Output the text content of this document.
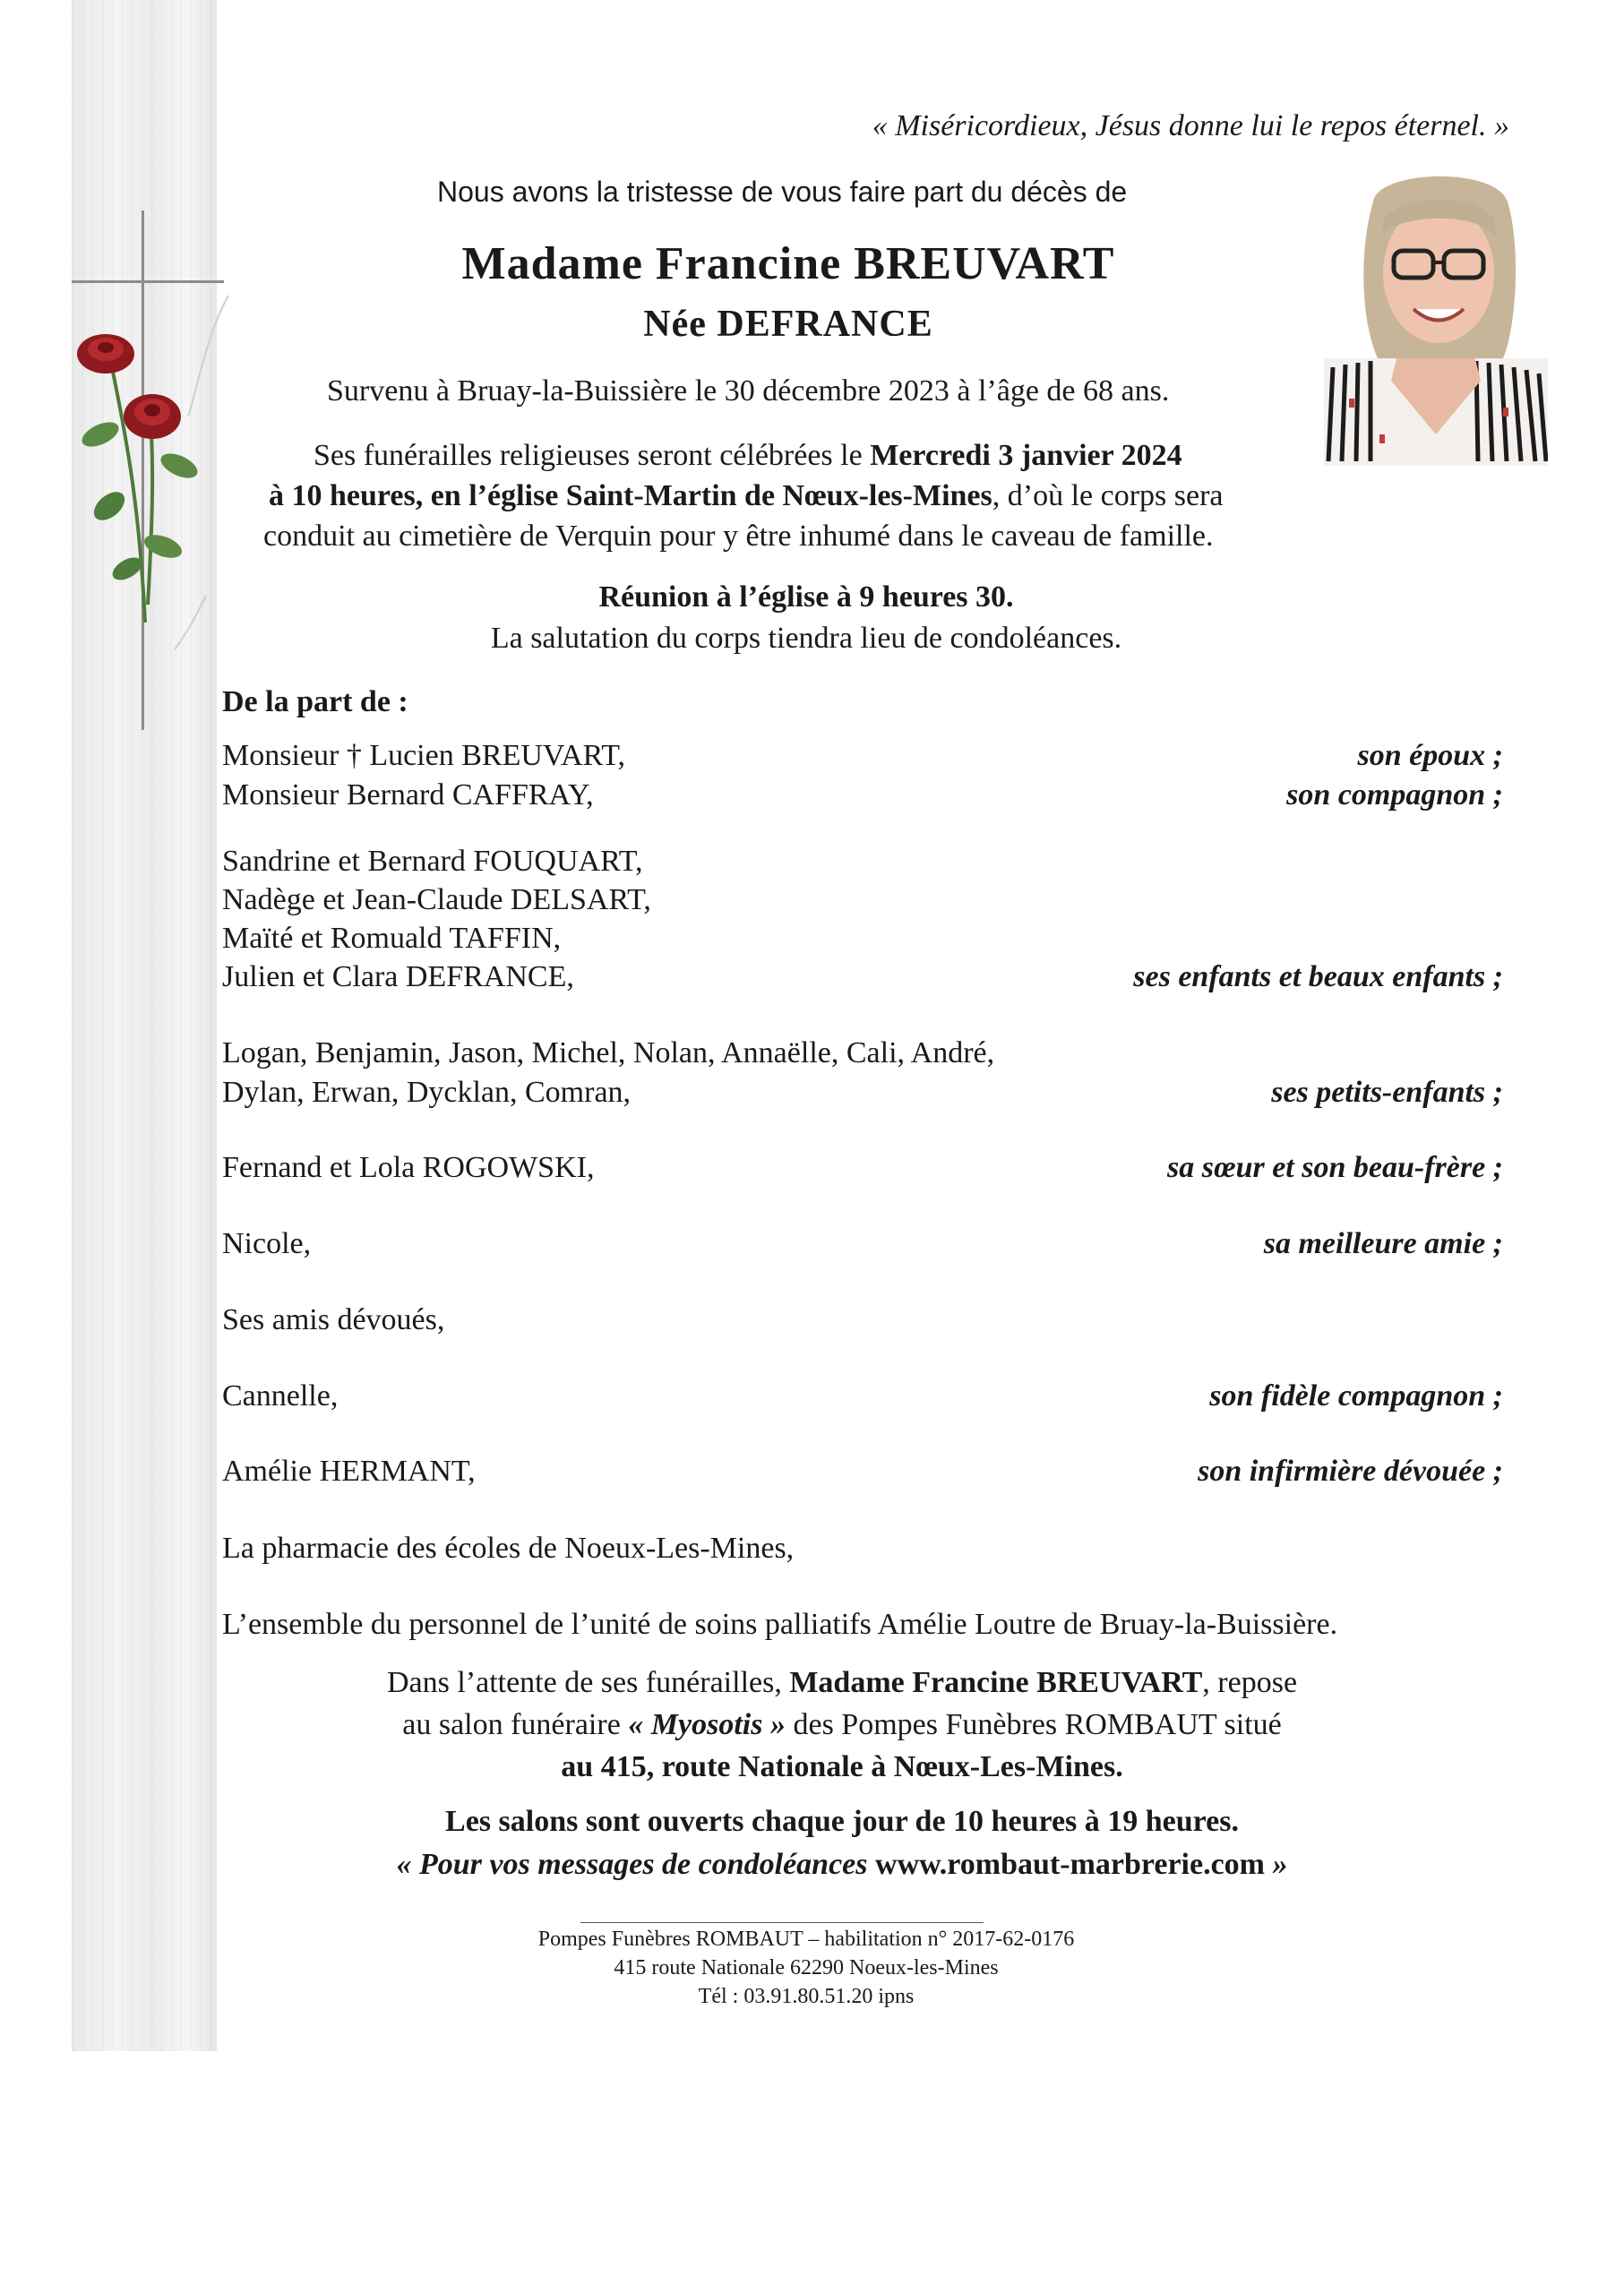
« Miséricordieux, Jésus donne lui le repos éternel. »
Nous avons la tristesse de vous faire part du décès de
Madame Francine BREUVART
Née DEFRANCE
Survenu à Bruay-la-Buissière le 30 décembre 2023 à l’âge de 68 ans.
Ses funérailles religieuses seront célébrées le Mercredi 3 janvier 2024
à 10 heures, en l’église Saint-Martin de Nœux-les-Mines, d’où le corps sera
conduit au cimetière de Verquin pour y être inhumé dans le caveau de famille.
Réunion à l’église à 9 heures 30.
La salutation du corps tiendra lieu de condoléances.
De la part de :
Monsieur † Lucien BREUVART,	son époux ;
Monsieur Bernard CAFFRAY,	son compagnon ;
Sandrine et Bernard FOUQUART,
Nadège et Jean-Claude DELSART,
Maïté et Romuald TAFFIN,
Julien et Clara DEFRANCE,	ses enfants et beaux enfants ;
Logan, Benjamin, Jason, Michel, Nolan, Annaëlle, Cali, André,
Dylan, Erwan, Dycklan, Comran,	ses petits-enfants ;
Fernand et Lola ROGOWSKI,	sa sœur et son beau-frère ;
Nicole,	sa meilleure amie ;
Ses amis dévoués,
Cannelle,	son fidèle compagnon ;
Amélie HERMANT,	son infirmière dévouée ;
La pharmacie des écoles de Noeux-Les-Mines,
L’ensemble du personnel de l’unité de soins palliatifs Amélie Loutre de Bruay-la-Buissière.
Dans l’attente de ses funérailles, Madame Francine BREUVART, repose
au salon funéraire « Myosotis » des Pompes Funèbres ROMBAUT situé
au 415, route Nationale à Nœux-Les-Mines.
Les salons sont ouverts chaque jour de 10 heures à 19 heures.
« Pour vos messages de condoléances www.rombaut-marbrerie.com »
Pompes Funèbres ROMBAUT – habilitation n° 2017-62-0176
415 route Nationale 62290 Noeux-les-Mines
Tél : 03.91.80.51.20 ipns
